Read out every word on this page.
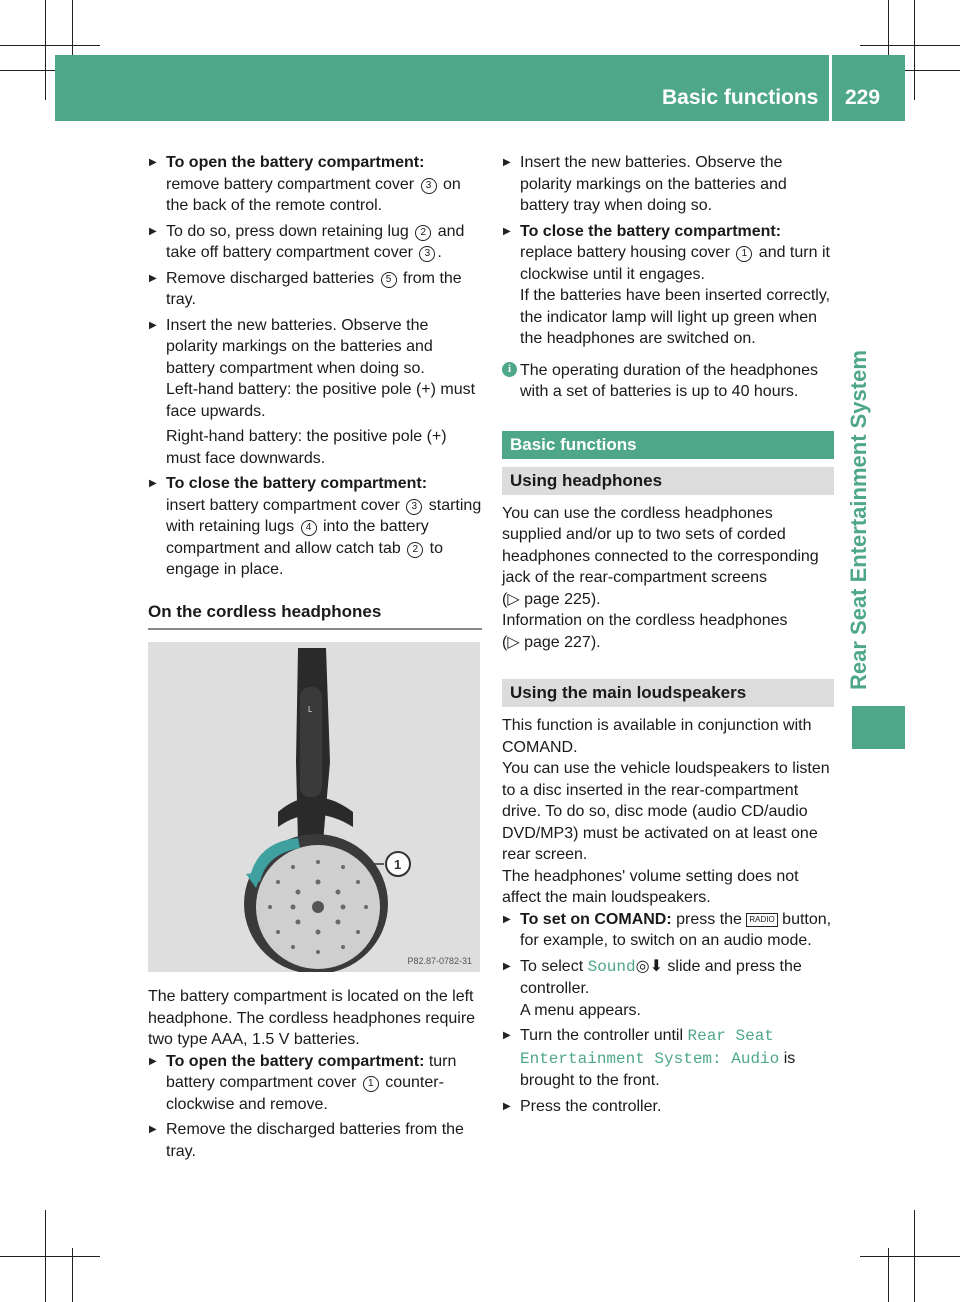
Basic functions 229
Rear Seat Entertainment System

▶ To open the battery compartment:
remove battery compartment cover 3 on the back of the remote control.

▶ To do so, press down retaining lug 2 and take off battery compartment cover 3 .

▶ Remove discharged batteries 5 from the tray.

▶ Insert the new batteries. Observe the polarity markings on the batteries and battery compartment when doing so.

Left-hand battery: the positive pole (+) must face upwards.

Right-hand battery: the positive pole (+) must face downwards.

▶ To close the battery compartment:
insert battery compartment cover 3 starting with retaining lugs 4 into the battery compartment and allow catch tab 2 to engage in place.

On the cordless headphones
L
1
P82.87-0782-31

The battery compartment is located on the left headphone. The cordless headphones require two type AAA, 1.5 V batteries.

▶ To open the battery compartment: turn battery compartment cover 1 counter-clockwise and remove.

▶ Remove the discharged batteries from the tray.

▶ Insert the new batteries. Observe the polarity markings on the batteries and battery tray when doing so.

▶ To close the battery compartment:
replace battery housing cover 1 and turn it clockwise until it engages.

If the batteries have been inserted correctly, the indicator lamp will light up green when the headphones are switched on.

i The operating duration of the headphones with a set of batteries is up to 40 hours.

Basic functions
Using headphones

You can use the cordless headphones supplied and/or up to two sets of corded headphones connected to the corresponding jack of the rear-compartment screens

(▷ page 225).

Information on the cordless headphones

(▷ page 227).

Using the main loudspeakers

This function is available in conjunction with COMAND.

You can use the vehicle loudspeakers to listen to a disc inserted in the rear-compartment drive. To do so, disc mode (audio CD/audio DVD/MP3) must be activated on at least one rear screen.

The headphones' volume setting does not affect the main loudspeakers.

▶ To set on COMAND: press the RADIO button, for example, to switch on an audio mode.

▶ To select Sound◎⬇ slide and press the controller.

A menu appears.

▶ Turn the controller until Rear Seat Entertainment System: Audio is brought to the front.

▶ Press the controller.
